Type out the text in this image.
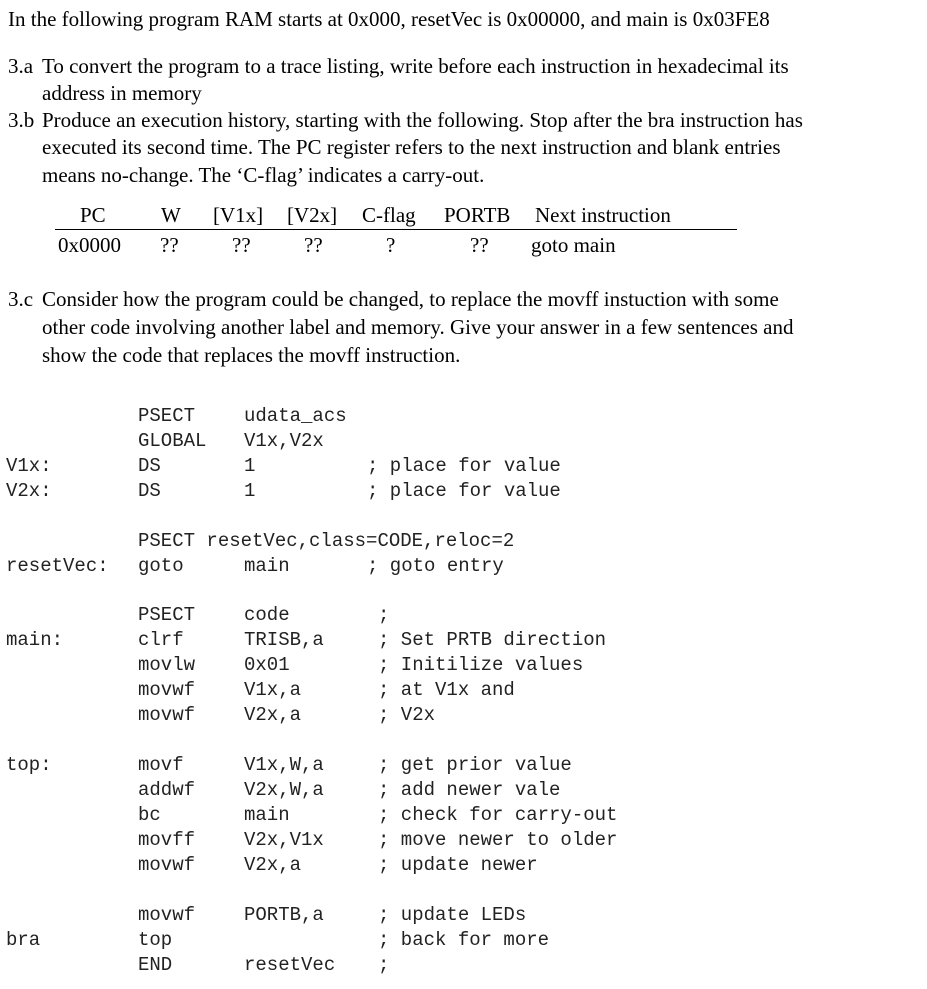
In the following program RAM starts at 0x000, resetVec is 0x00000, and main is 0x03FE8
3.a To convert the program to a trace listing, write before each instruction in hexadecimal its
address in memory
3.b Produce an execution history, starting with the following. Stop after the bra instruction has
executed its second time. The PC register refers to the next instruction and blank entries
means no-change. The ‘C-flag’ indicates a carry-out.
PC	W [V1x] [V2x] C-flag PORTB Next instruction
0x0000 ??	??	??	?	?? goto main
3.c Consider how the program could be changed, to replace the movff instuction with some
other code involving another label and memory. Give your answer in a few sentences and
show the code that replaces the movff instruction.
PSECT	udata_acs
GLOBAL V1x,V2x
V1x:	DS	1	; place for value
V2x:	DS	1	; place for value
PSECT resetVec,class=CODE,reloc=2
resetVec: goto	main	; goto entry
PSECT	code	;
main:	clrf	TRISB,a	; Set PRTB direction
movlw	0x01	; Initilize values
movwf	V1x,a	; at V1x and
movwf	V2x,a	; V2x
top:	movf	V1x,W,a	; get prior value
addwf	V2x,W,a	; add newer vale
bc	main	; check for carry-out
movff	V2x,V1x	; move newer to older
movwf	V2x,a	; update newer
movwf	PORTB,a	; update LEDs
bra	top	; back for more
END	resetVec ;
